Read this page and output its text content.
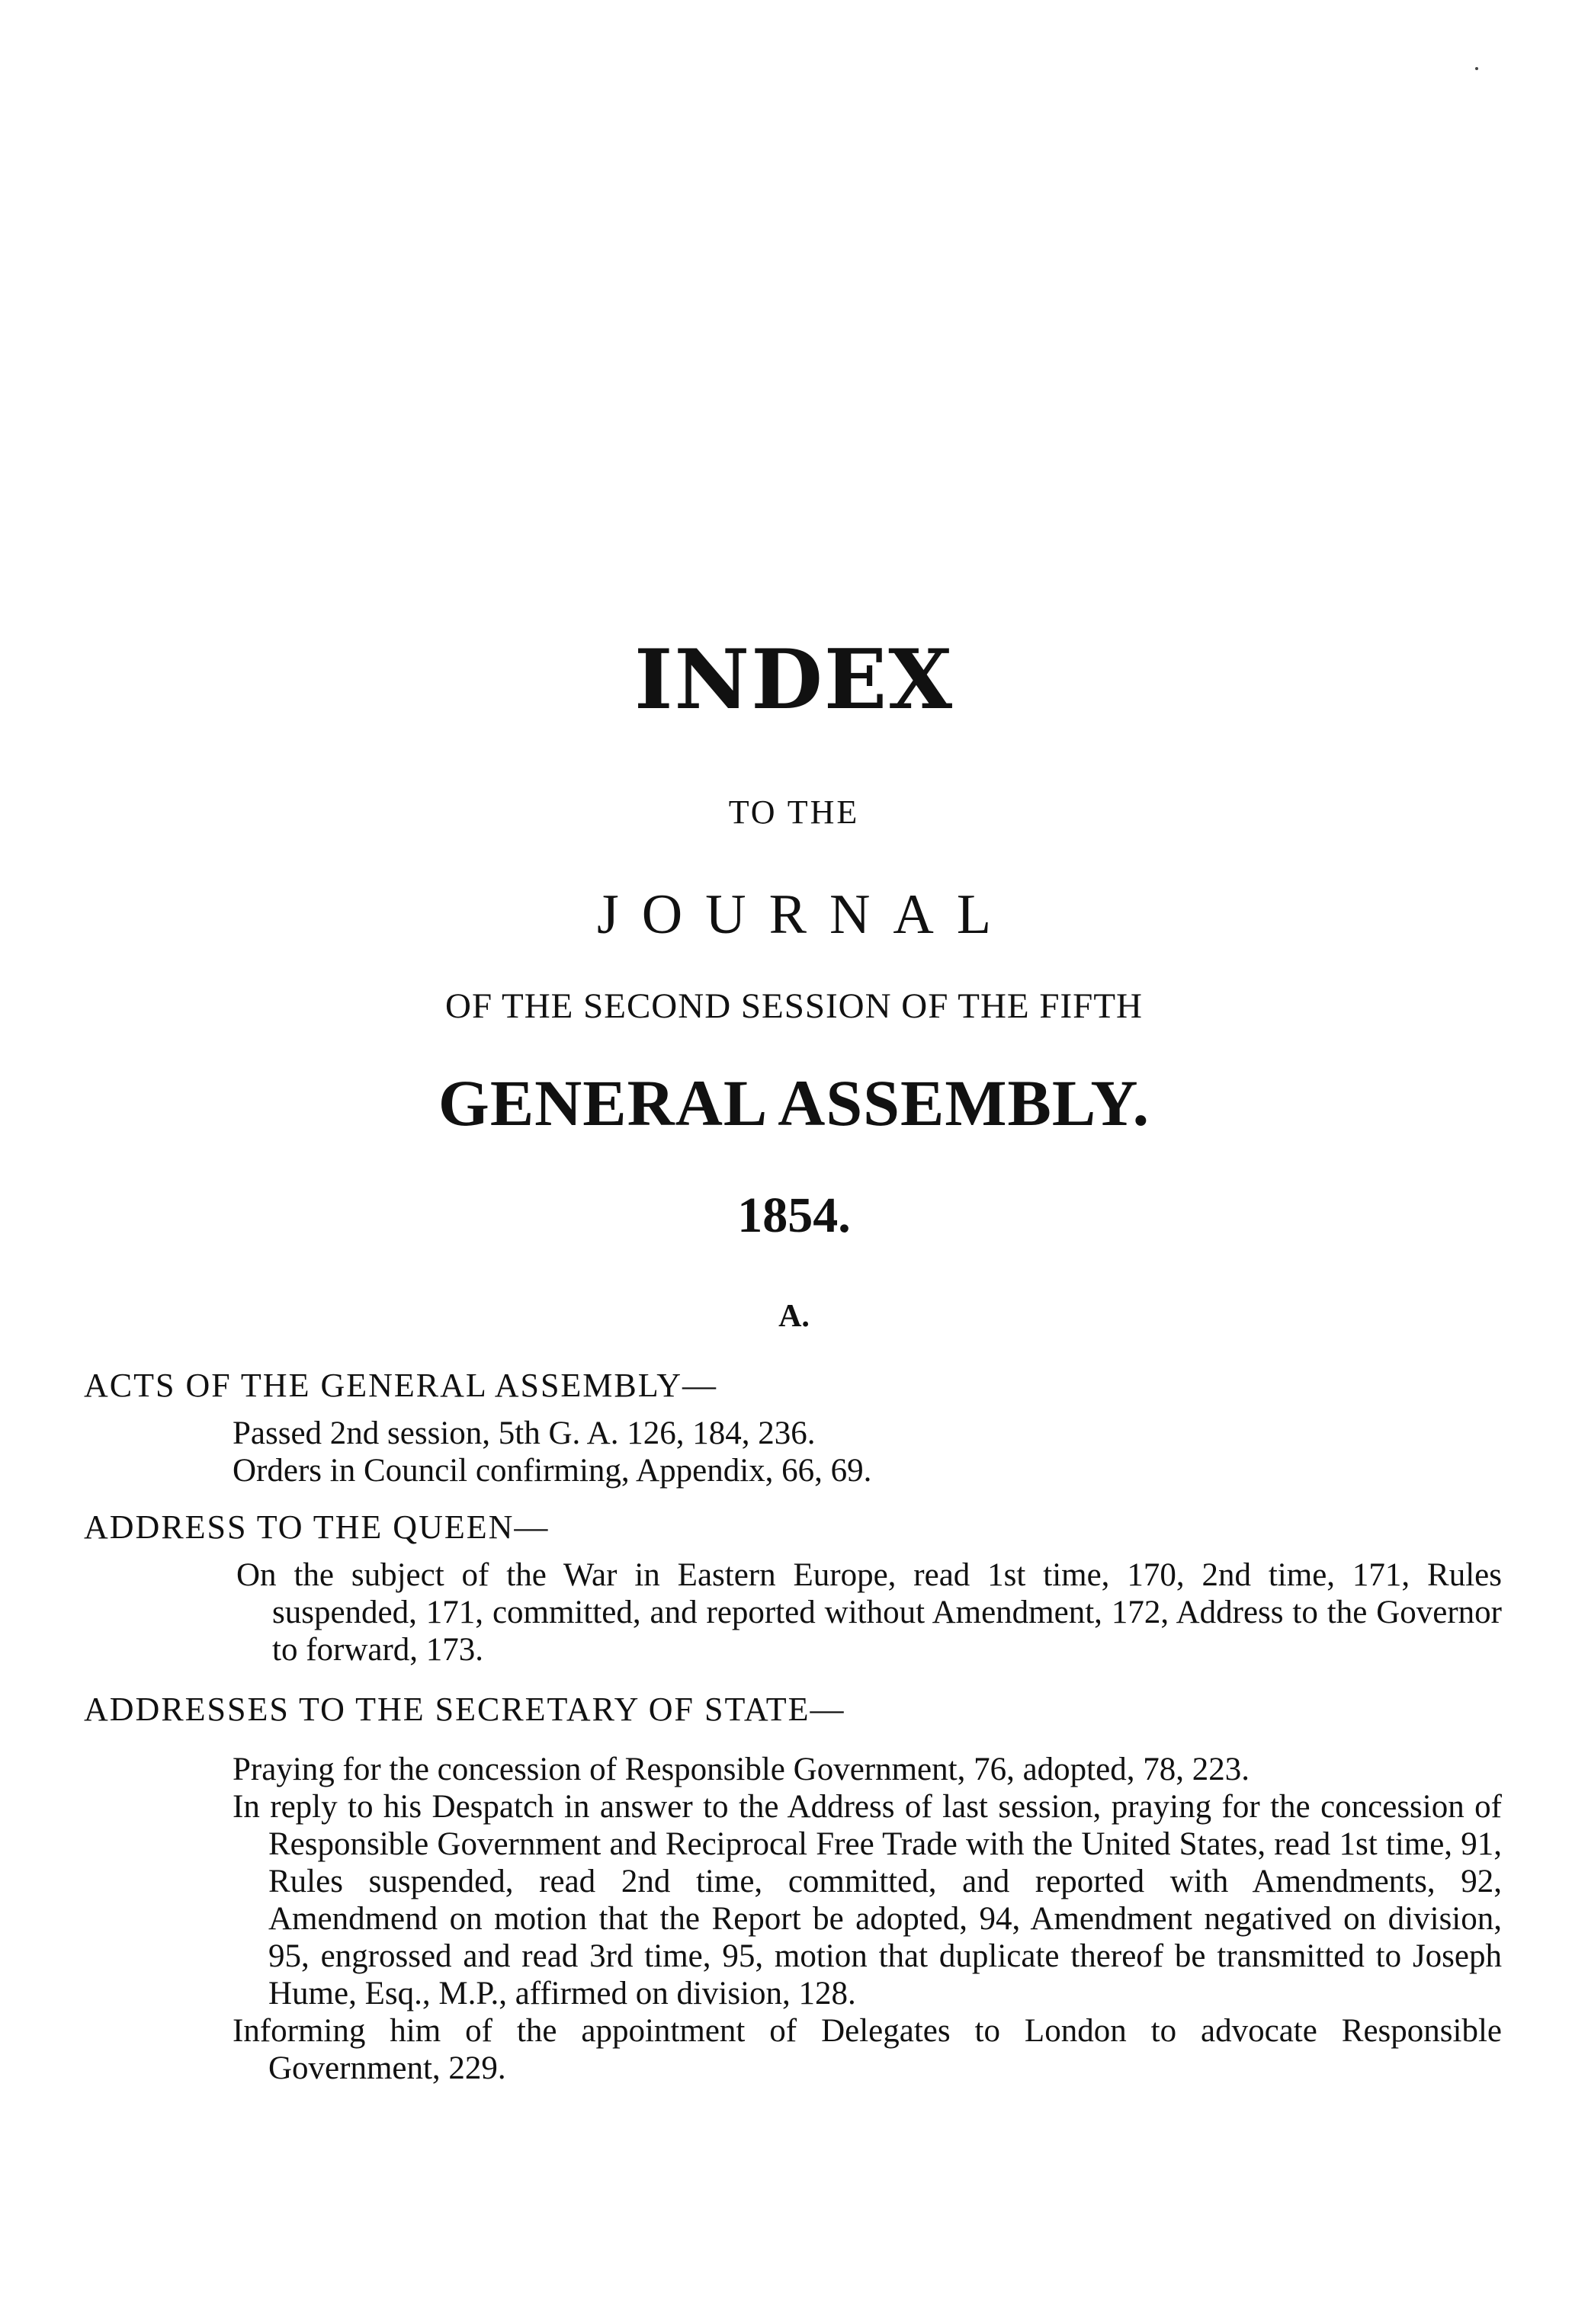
INDEX
TO THE
JOURNAL
OF THE SECOND SESSION OF THE FIFTH
GENERAL ASSEMBLY.
1854.
A.

ACTS OF THE GENERAL ASSEMBLY—

Passed 2nd session, 5th G. A. 126, 184, 236.
Orders in Council confirming, Appendix, 66, 69.

ADDRESS TO THE QUEEN—

On the subject of the War in Eastern Europe, read 1st time, 170, 2nd time, 171, Rules suspended, 171, committed, and reported without Amendment, 172, Address to the Governor to forward, 173.

ADDRESSES TO THE SECRETARY OF STATE—

Praying for the concession of Responsible Government, 76, adopted, 78, 223.
In reply to his Despatch in answer to the Address of last session, praying for the concession of Responsible Government and Reciprocal Free Trade with the United States, read 1st time, 91, Rules suspended, read 2nd time, committed, and reported with Amendments, 92, Amendmend on motion that the Report be adopted, 94, Amendment negatived on division, 95, engrossed and read 3rd time, 95, motion that duplicate thereof be transmitted to Joseph Hume, Esq., M.P., affirmed on division, 128.
Informing him of the appointment of Delegates to London to advocate Responsible Government, 229.
